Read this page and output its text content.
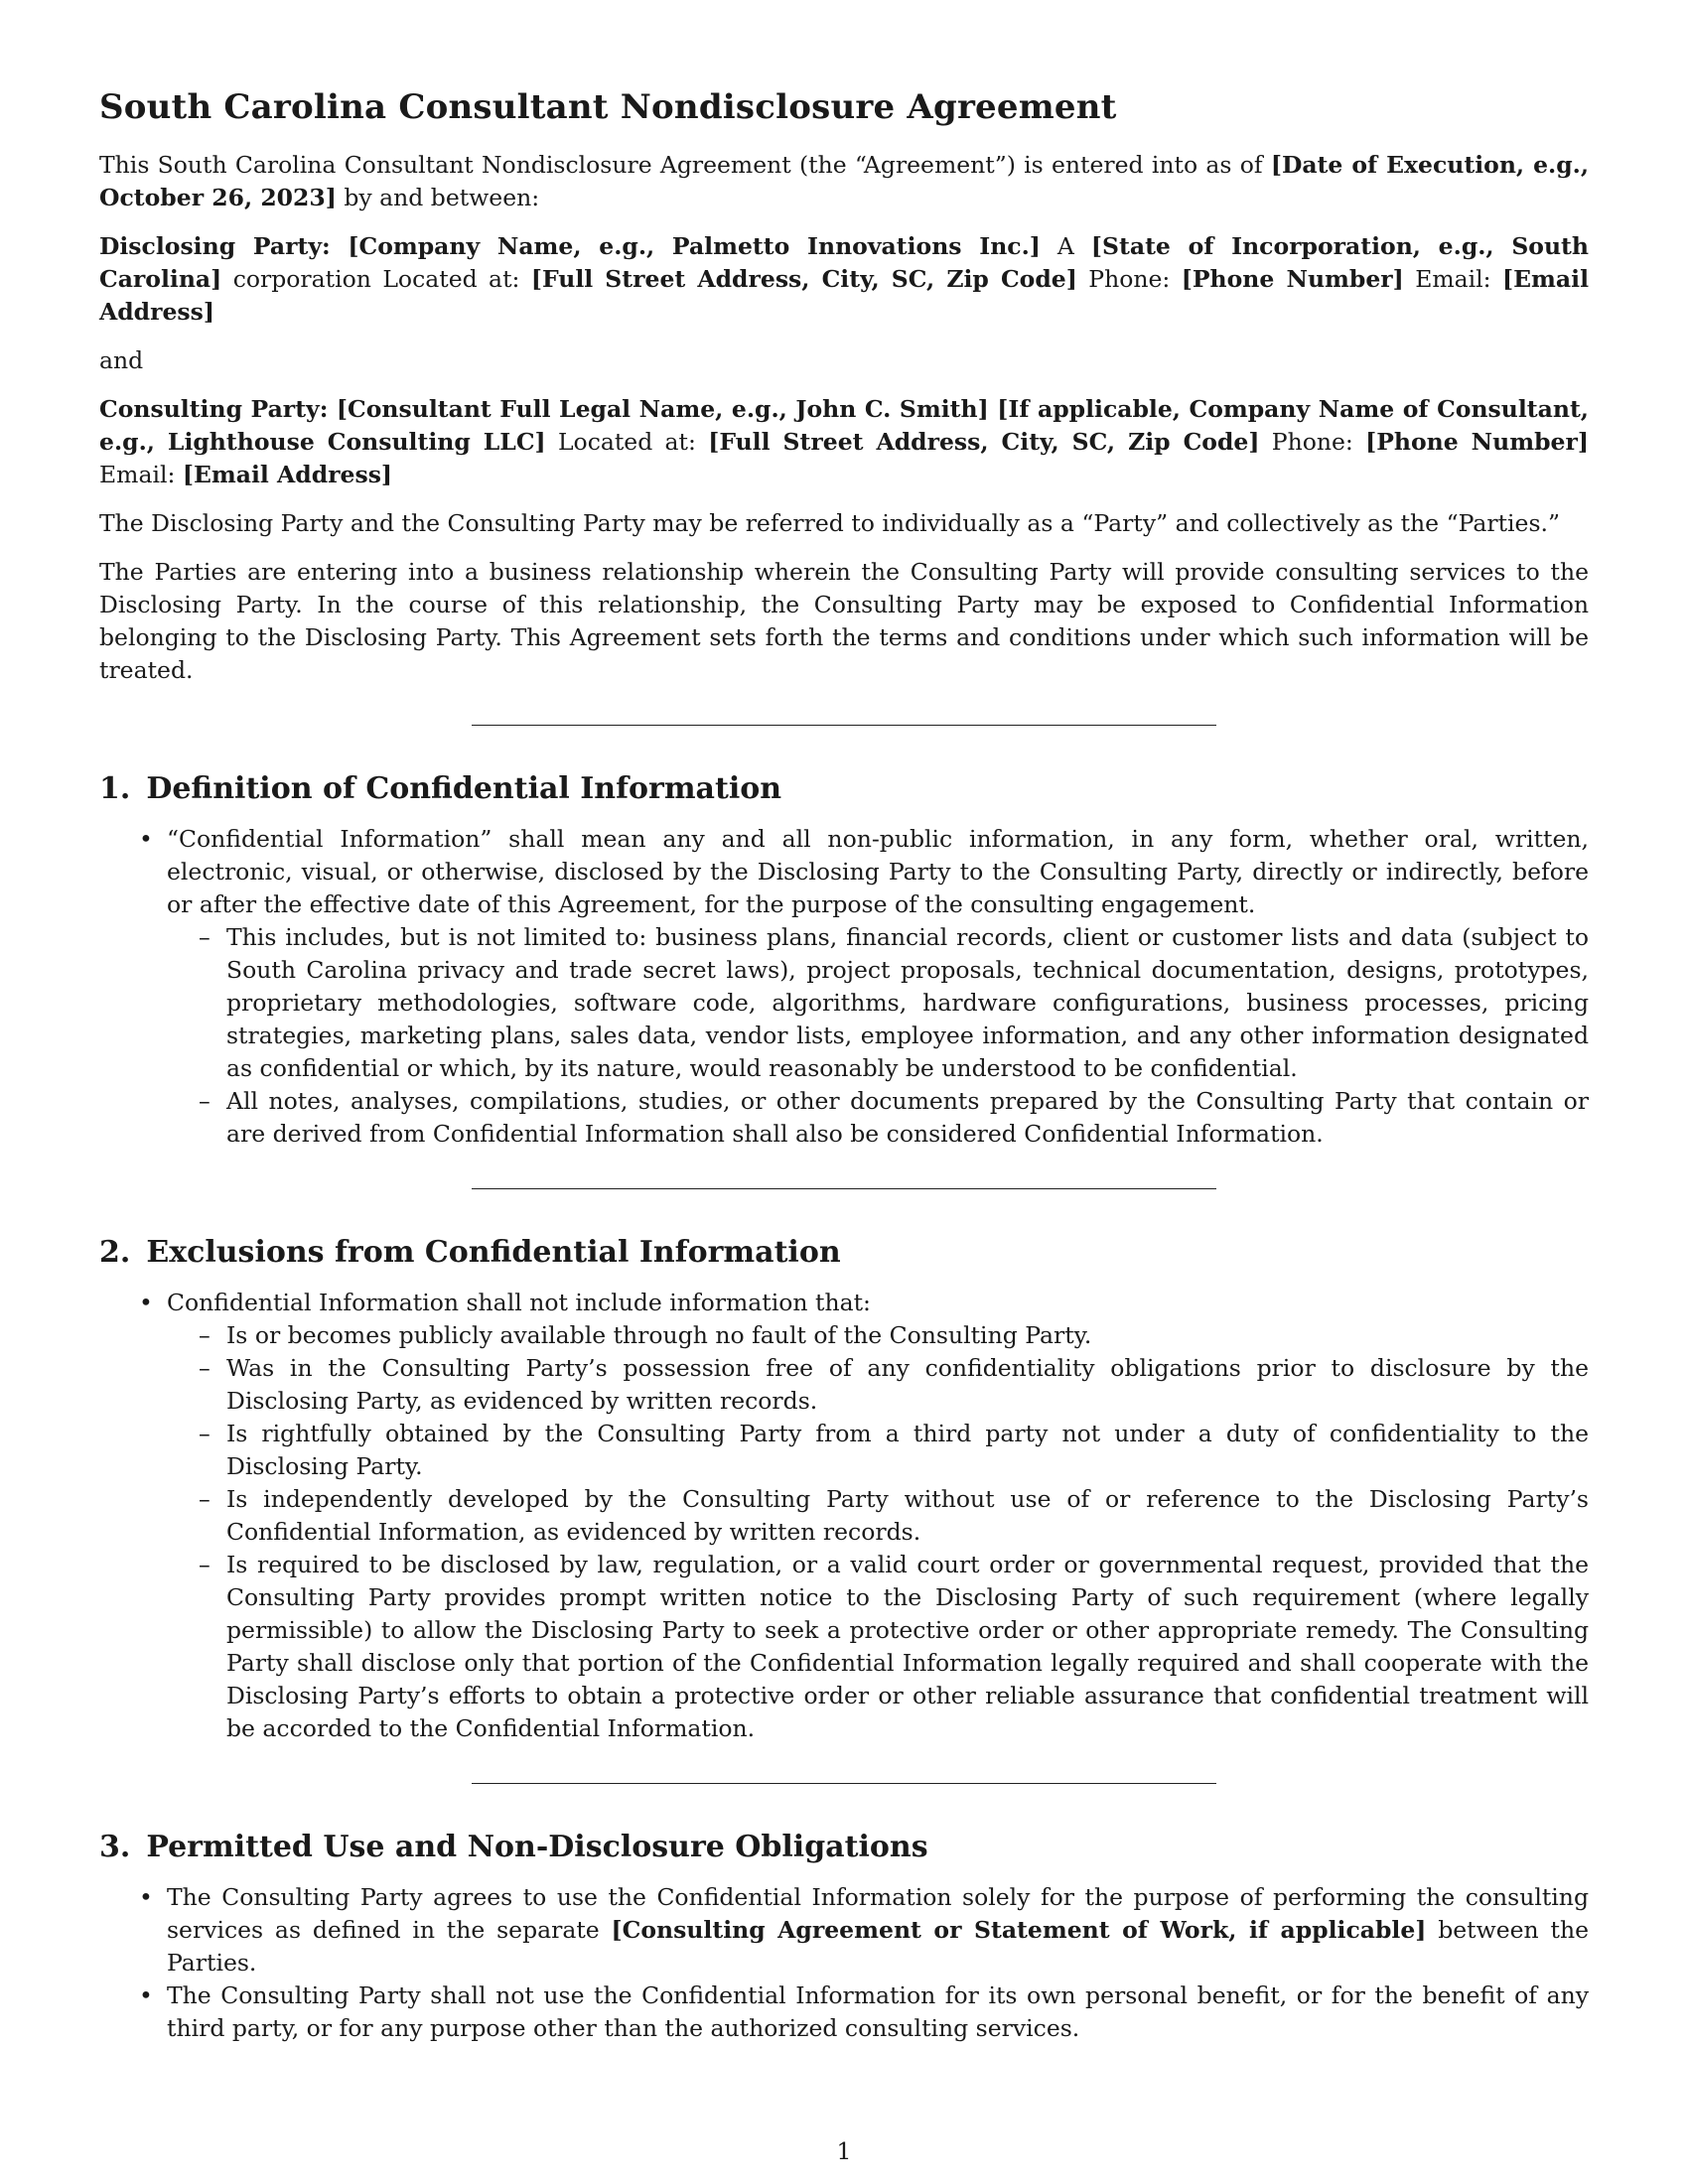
South Carolina Consultant Nondisclosure Agreement

This South Carolina Consultant Nondisclosure Agreement (the “Agreement”) is entered into as of [Date of Execution, e.g., October 26, 2023] by and between:

Disclosing Party: [Company Name, e.g., Palmetto Innovations Inc.] A [State of Incorporation, e.g., South Carolina] corporation Located at: [Full Street Address, City, SC, Zip Code] Phone: [Phone Number] Email: [Email Address]

and

Consulting Party: [Consultant Full Legal Name, e.g., John C. Smith] [If applicable, Company Name of Consultant, e.g., Lighthouse Consulting LLC] Located at: [Full Street Address, City, SC, Zip Code] Phone: [Phone Number] Email: [Email Address]

The Disclosing Party and the Consulting Party may be referred to individually as a “Party” and collectively as the “Parties.”

The Parties are entering into a business relationship wherein the Consulting Party will provide consulting services to the Disclosing Party. In the course of this relationship, the Consulting Party may be exposed to Confidential Information belonging to the Disclosing Party. This Agreement sets forth the terms and conditions under which such information will be treated.

1. Definition of Confidential Information
• “Confidential Information” shall mean any and all non-public information, in any form, whether oral, written, electronic, visual, or otherwise, disclosed by the Disclosing Party to the Consulting Party, directly or indirectly, before or after the effective date of this Agreement, for the purpose of the consulting engagement.
– This includes, but is not limited to: business plans, financial records, client or customer lists and data (subject to South Carolina privacy and trade secret laws), project proposals, technical documentation, designs, prototypes, proprietary methodologies, software code, algorithms, hardware configurations, business processes, pricing strategies, marketing plans, sales data, vendor lists, employee information, and any other information designated as confidential or which, by its nature, would reasonably be understood to be confidential.
– All notes, analyses, compilations, studies, or other documents prepared by the Consulting Party that contain or are derived from Confidential Information shall also be considered Confidential Information.
2. Exclusions from Confidential Information
• Confidential Information shall not include information that:
– Is or becomes publicly available through no fault of the Consulting Party.
– Was in the Consulting Party’s possession free of any confidentiality obligations prior to disclosure by the Disclosing Party, as evidenced by written records.
– Is rightfully obtained by the Consulting Party from a third party not under a duty of confidentiality to the Disclosing Party.
– Is independently developed by the Consulting Party without use of or reference to the Disclosing Party’s Confidential Information, as evidenced by written records.
– Is required to be disclosed by law, regulation, or a valid court order or governmental request, provided that the Consulting Party provides prompt written notice to the Disclosing Party of such requirement (where legally permissible) to allow the Disclosing Party to seek a protective order or other appropriate remedy. The Consulting Party shall disclose only that portion of the Confidential Information legally required and shall cooperate with the Disclosing Party’s efforts to obtain a protective order or other reliable assurance that confidential treatment will be accorded to the Confidential Information.
3. Permitted Use and Non-Disclosure Obligations
• The Consulting Party agrees to use the Confidential Information solely for the purpose of performing the consulting services as defined in the separate [Consulting Agreement or Statement of Work, if applicable] between the Parties.
• The Consulting Party shall not use the Confidential Information for its own personal benefit, or for the benefit of any third party, or for any purpose other than the authorized consulting services.
1
